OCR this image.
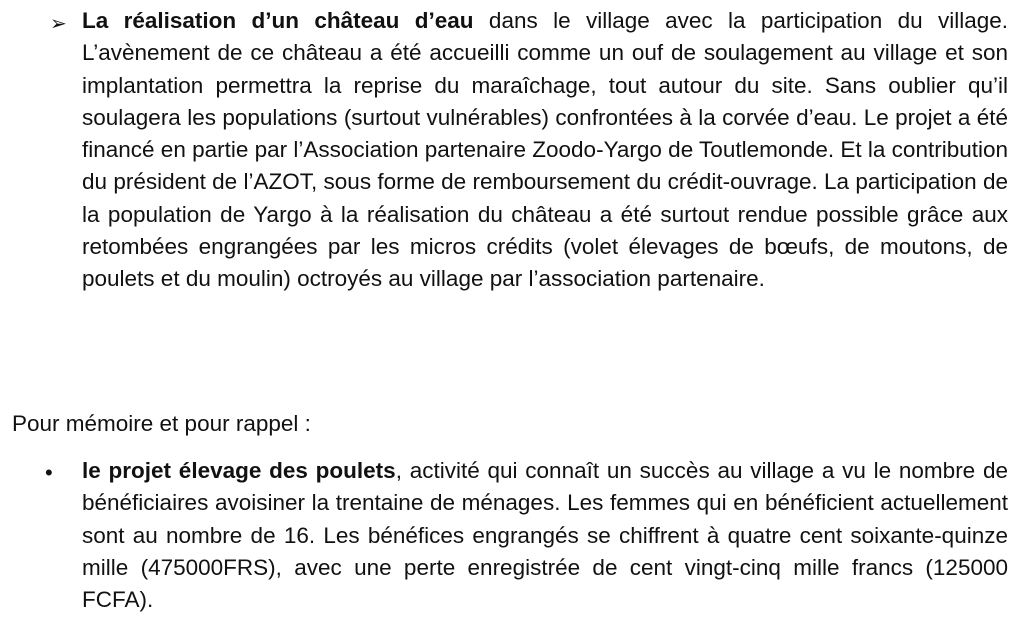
➢ La réalisation d’un château d’eau dans le village avec la participation du village. L’avènement de ce château a été accueilli comme un ouf de soulagement au village et son implantation permettra la reprise du maraîchage, tout autour du site. Sans oublier qu’il soulagera les populations (surtout vulnérables) confrontées à la corvée d’eau. Le projet a été financé en partie par l’Association partenaire Zoodo-Yargo de Toutlemonde. Et la contribution du président de l’AZOT, sous forme de remboursement du crédit-ouvrage. La participation de la population de Yargo à la réalisation du château a été surtout rendue possible grâce aux retombées engrangées par les micros crédits (volet élevages de bœufs, de moutons, de poulets et du moulin) octroyés au village par l’association partenaire.

Pour mémoire et pour rappel :

• le projet élevage des poulets, activité qui connaît un succès au village a vu le nombre de bénéficiaires avoisiner la trentaine de ménages. Les femmes qui en bénéficient actuellement sont au nombre de 16. Les bénéfices engrangés se chiffrent à quatre cent soixante-quinze mille (475000FRS), avec une perte enregistrée de cent vingt-cinq mille francs (125000 FCFA).
